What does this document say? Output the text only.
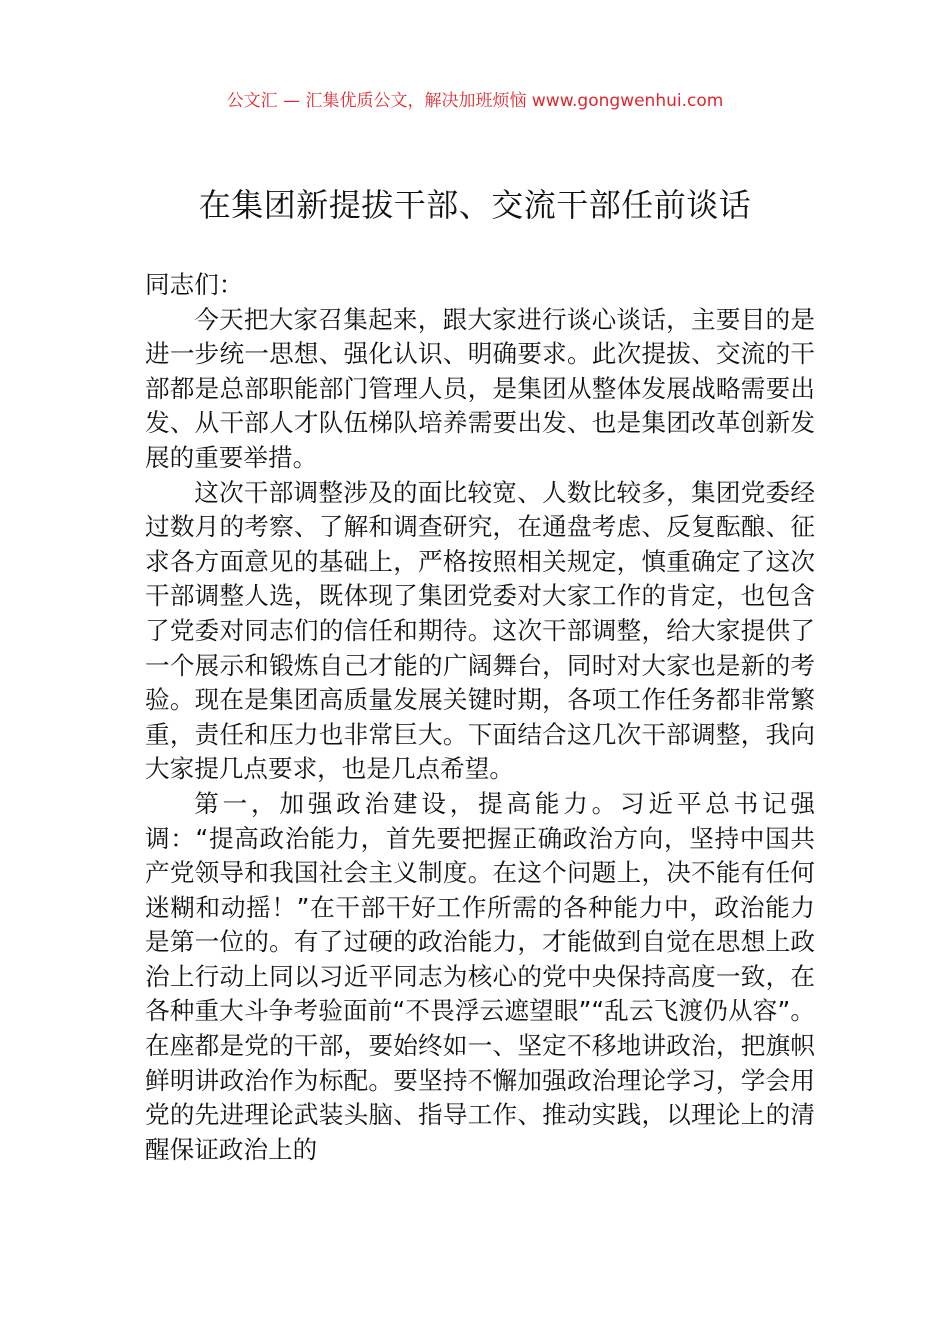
公文汇 — 汇集优质公文，解决加班烦恼 www.gongwenhui.com
在集团新提拔干部、交流干部任前谈话

同志们：

今天把大家召集起来，跟大家进行谈心谈话，主要目的是进一步统一思想、强化认识、明确要求。此次提拔、交流的干部都是总部职能部门管理人员，是集团从整体发展战略需要出发、从干部人才队伍梯队培养需要出发、也是集团改革创新发展的重要举措。

这次干部调整涉及的面比较宽、人数比较多，集团党委经过数月的考察、了解和调查研究，在通盘考虑、反复酝酿、征求各方面意见的基础上，严格按照相关规定，慎重确定了这次干部调整人选，既体现了集团党委对大家工作的肯定，也包含了党委对同志们的信任和期待。这次干部调整，给大家提供了一个展示和锻炼自己才能的广阔舞台，同时对大家也是新的考验。现在是集团高质量发展关键时期，各项工作任务都非常繁重，责任和压力也非常巨大。下面结合这几次干部调整，我向大家提几点要求，也是几点希望。

第一，加强政治建设，提高能力。习近平总书记强调：“提高政治能力，首先要把握正确政治方向，坚持中国共产党领导和我国社会主义制度。在这个问题上，决不能有任何迷糊和动摇！”在干部干好工作所需的各种能力中，政治能力是第一位的。有了过硬的政治能力，才能做到自觉在思想上政治上行动上同以习近平同志为核心的党中央保持高度一致，在各种重大斗争考验面前“不畏浮云遮望眼”“乱云飞渡仍从容”。在座都是党的干部，要始终如一、坚定不移地讲政治，把旗帜鲜明讲政治作为标配。要坚持不懈加强政治理论学习，学会用党的先进理论武装头脑、指导工作、推动实践，以理论上的清醒保证政治上的
